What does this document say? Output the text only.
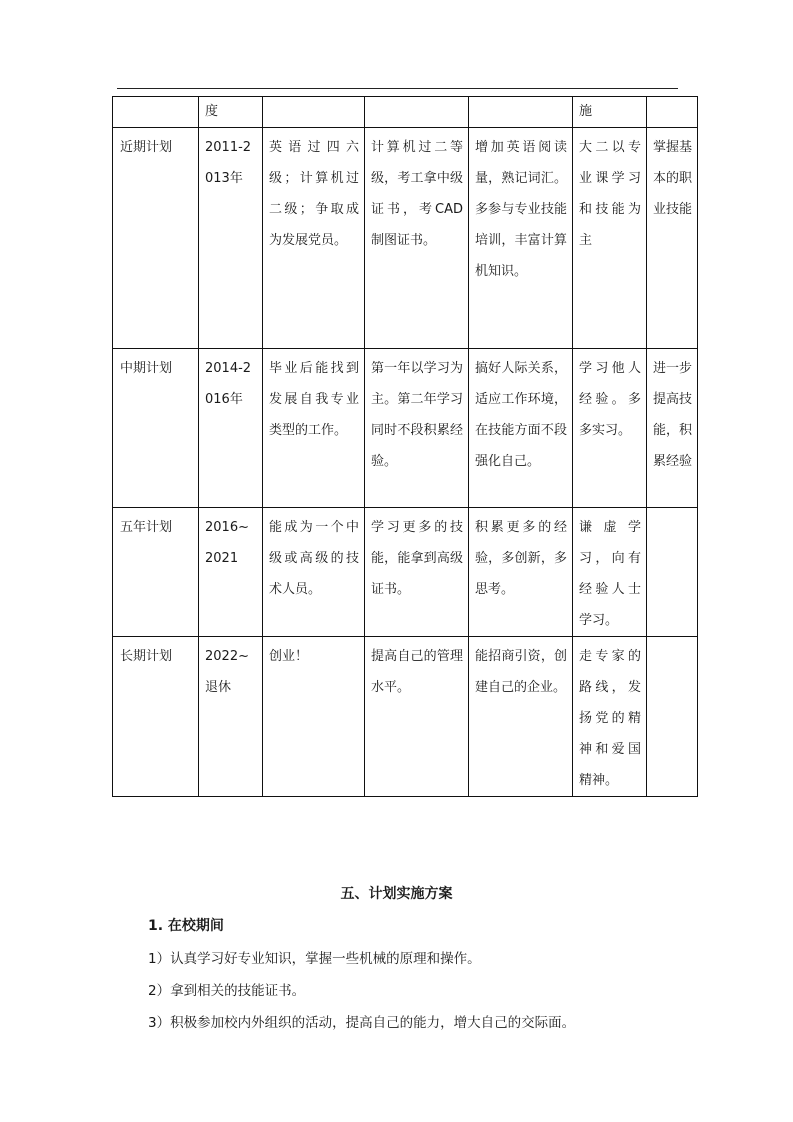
	度				施	
近期计划	2011-2013年	英语过四六级；计算机过二级；争取成为发展党员。	计算机过二等级，考工拿中级证书，考CAD制图证书。	增加英语阅读量，熟记词汇。多参与专业技能培训，丰富计算机知识。	大二以专业课学习和技能为主	掌握基本的职业技能
中期计划	2014-2016年	毕业后能找到发展自我专业类型的工作。	第一年以学习为主。第二年学习同时不段积累经验。	搞好人际关系，适应工作环境，在技能方面不段强化自己。	学习他人经验。多多实习。	进一步提高技能，积累经验
五年计划	2016~2021	能成为一个中级或高级的技术人员。	学习更多的技能，能拿到高级证书。	积累更多的经验，多创新，多思考。	谦虚学习，向有经验人士学习。	
长期计划	2022~退休	创业！	提高自己的管理水平。	能招商引资，创建自己的企业。	走专家的路线，发扬党的精神和爱国精神。	
五、计划实施方案
1. 在校期间
1）认真学习好专业知识，掌握一些机械的原理和操作。
2）拿到相关的技能证书。
3）积极参加校内外组织的活动，提高自己的能力，增大自己的交际面。
